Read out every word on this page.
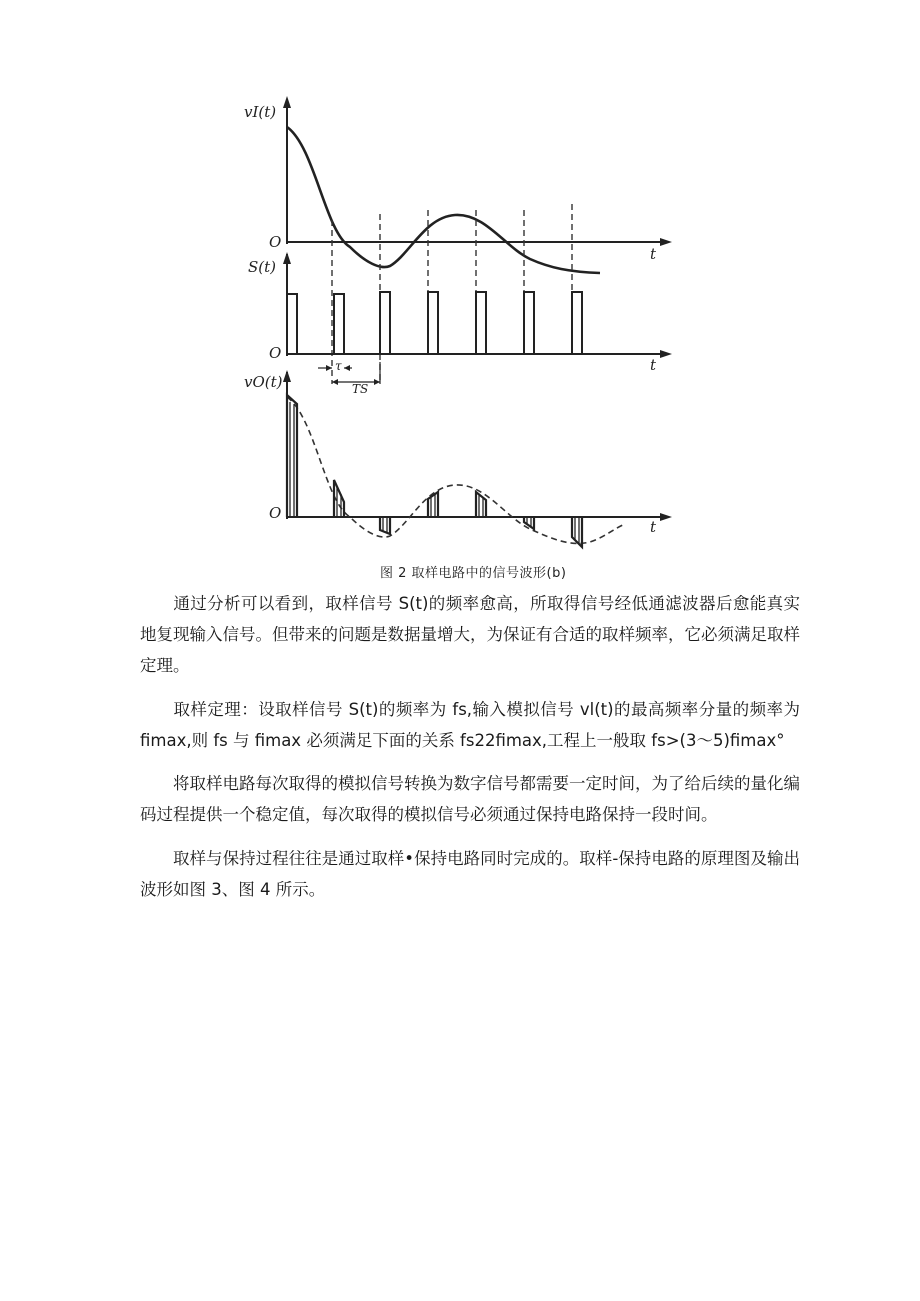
vI(t)
O
t
S(t)
O
t
τ
TS
vO(t)
O
t
图 2 取样电路中的信号波形(b)

通过分析可以看到，取样信号 S(t)的频率愈高，所取得信号经低通滤波器后愈能真实地复现输入信号。但带来的问题是数据量增大，为保证有合适的取样频率，它必须满足取样定理。

取样定理：设取样信号 S(t)的频率为 fs,输入模拟信号 vl(t)的最高频率分量的频率为 fimax,则 fs 与 fimax 必须满足下面的关系 fs22fimax,工程上一般取 fs>(3～5)fimax°

将取样电路每次取得的模拟信号转换为数字信号都需要一定时间，为了给后续的量化编码过程提供一个稳定值，每次取得的模拟信号必须通过保持电路保持一段时间。

取样与保持过程往往是通过取样•保持电路同时完成的。取样-保持电路的原理图及输出波形如图 3、图 4 所示。
